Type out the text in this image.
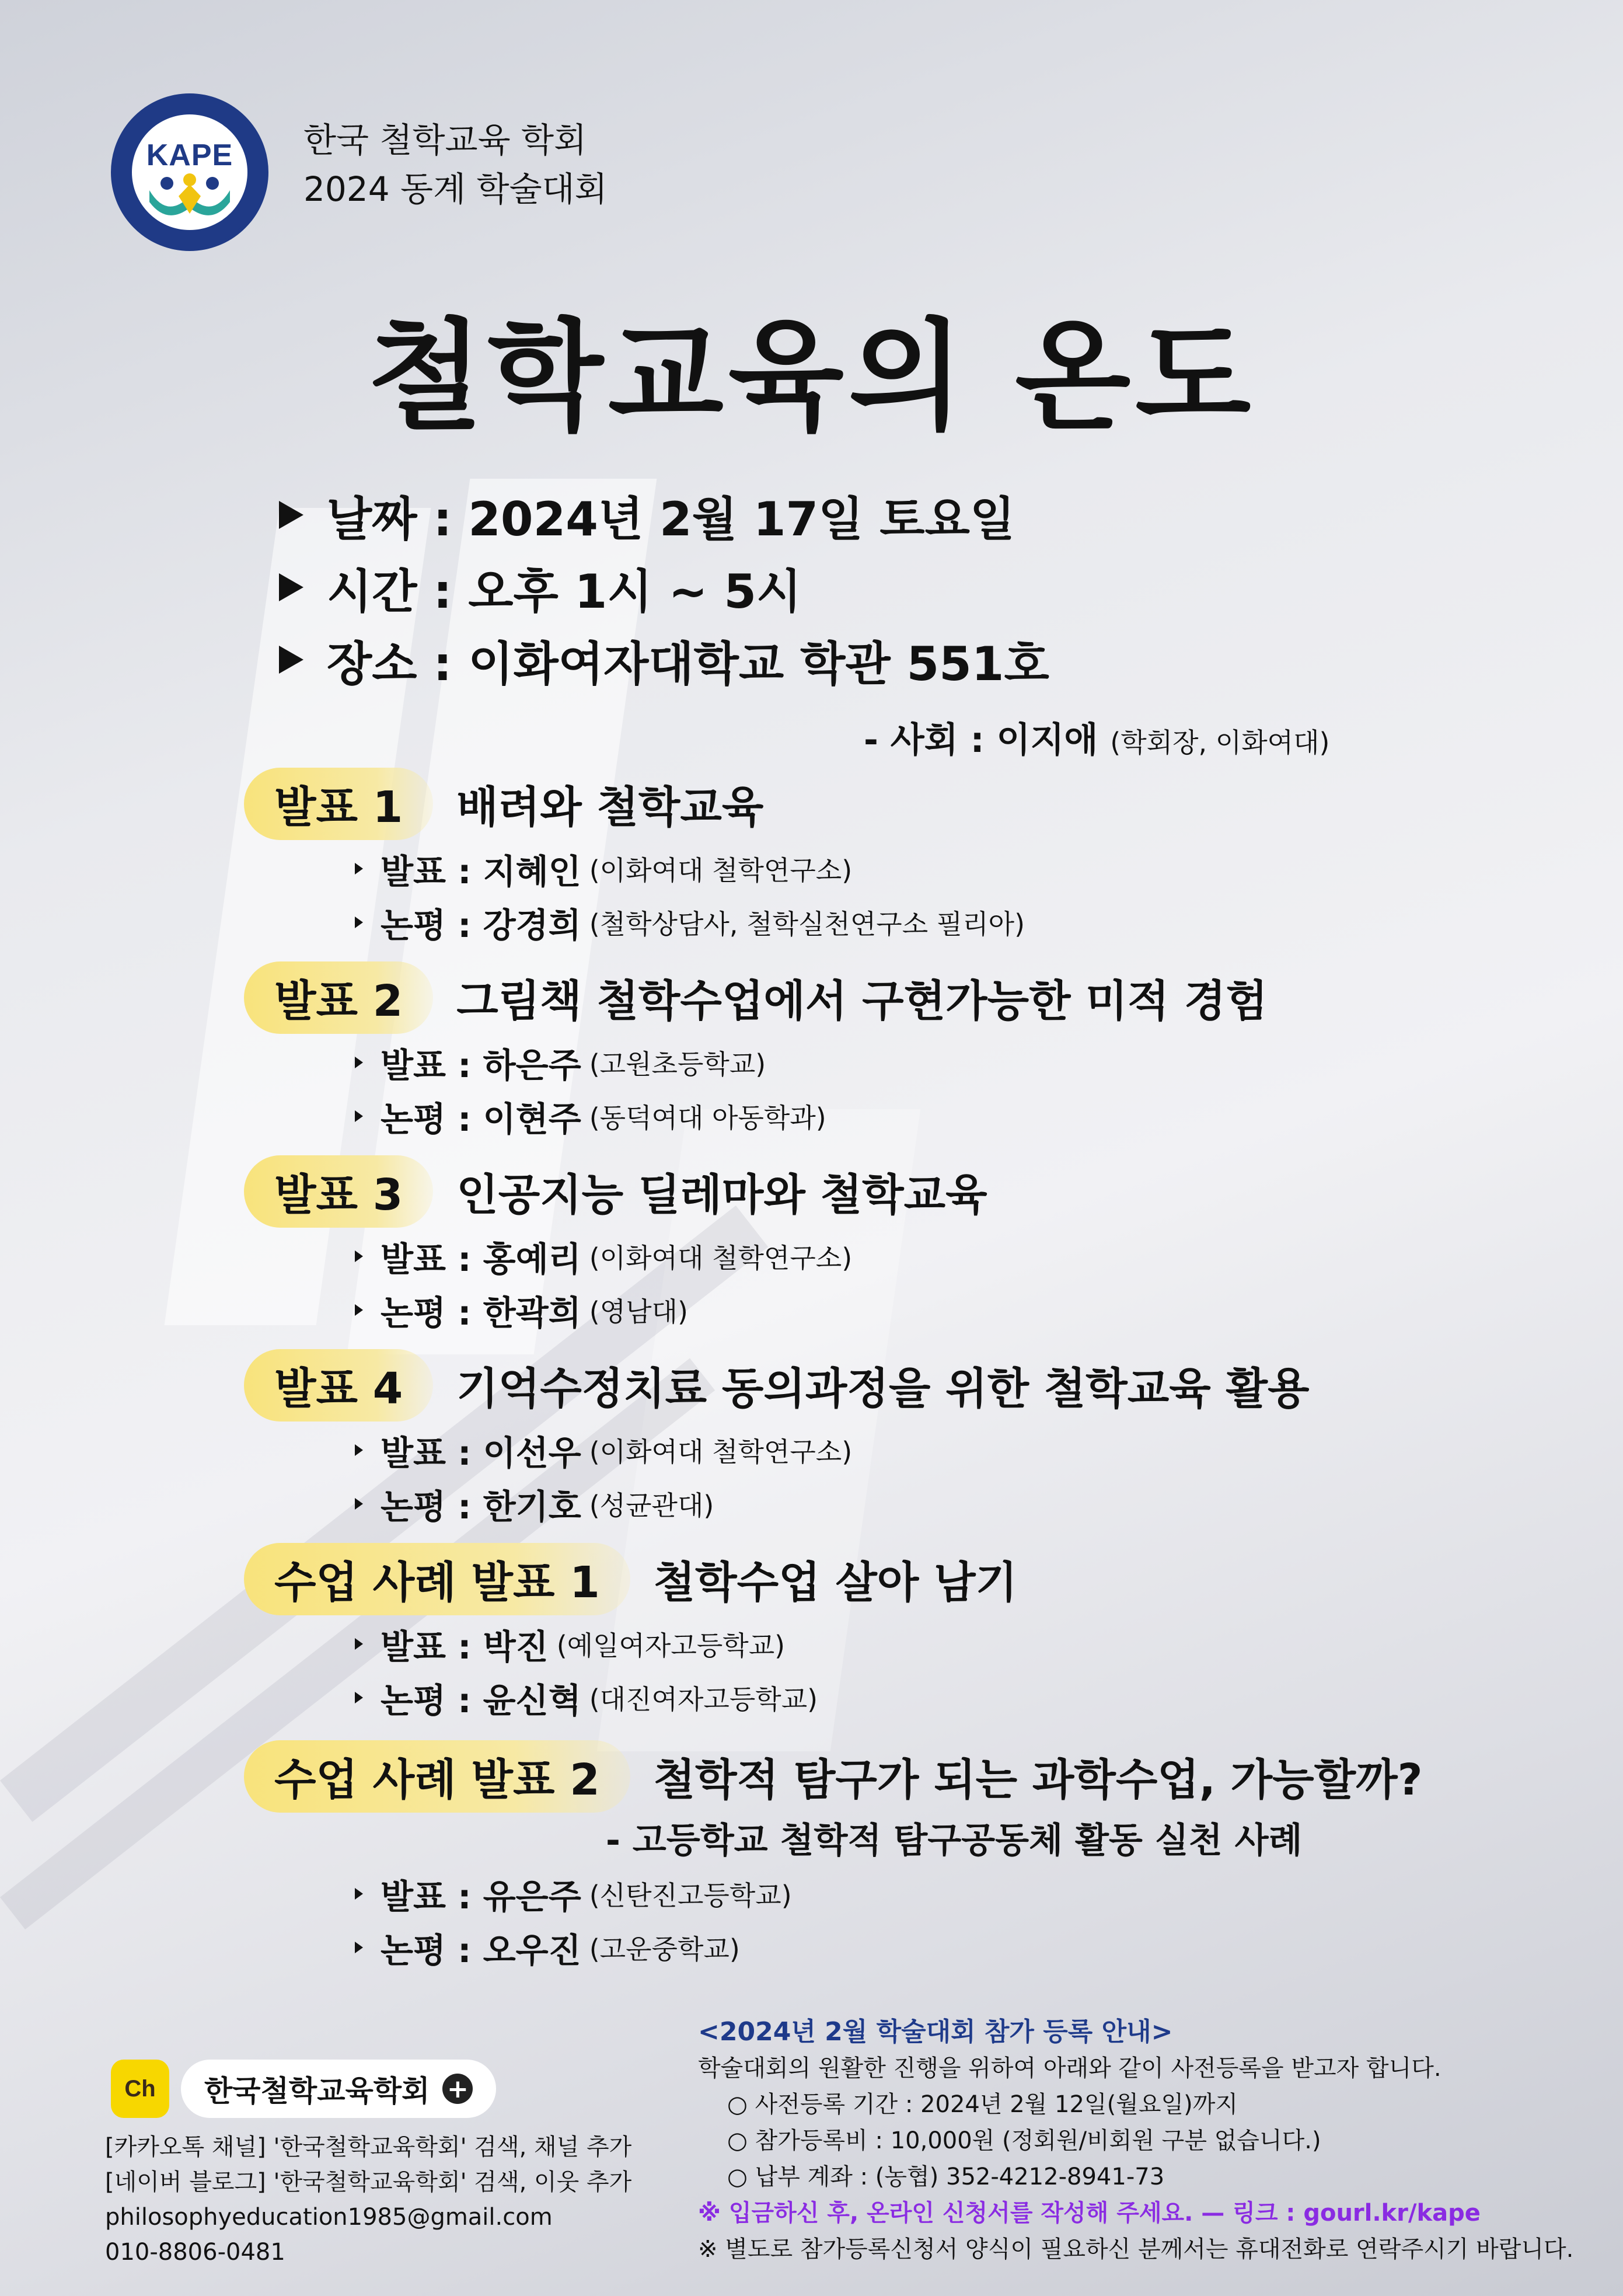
KAPE	한국 철학교육 학회
2024 동계 학술대회
철학교육의 온도
날짜 : 2024년 2월 17일 토요일
시간 : 오후 1시 ~ 5시
장소 : 이화여자대학교 학관 551호
- 사회 : 이지애 (학회장, 이화여대)
발표 1	배려와 철학교육
발표 : 지혜인 (이화여대 철학연구소)
논평 : 강경희 (철학상담사, 철학실천연구소 필리아)
발표 2	그림책 철학수업에서 구현가능한 미적 경험
발표 : 하은주 (고원초등학교)
논평 : 이현주 (동덕여대 아동학과)
발표 3	인공지능 딜레마와 철학교육
발표 : 홍예리 (이화여대 철학연구소)
논평 : 한곽희 (영남대)
발표 4	기억수정치료 동의과정을 위한 철학교육 활용
발표 : 이선우 (이화여대 철학연구소)
논평 : 한기호 (성균관대)
수업 사례 발표 1	철학수업 살아 남기
발표 : 박진 (예일여자고등학교)
논평 : 윤신혁 (대진여자고등학교)
수업 사례 발표 2	철학적 탐구가 되는 과학수업, 가능할까?
- 고등학교 철학적 탐구공동체 활동 실천 사례
발표 : 유은주 (신탄진고등학교)
논평 : 오우진 (고운중학교)
Ch	한국철학교육학회 +
[카카오톡 채널] '한국철학교육학회' 검색, 채널 추가
[네이버 블로그] '한국철학교육학회' 검색, 이웃 추가
philosophyeducation1985@gmail.com
010-8806-0481
<2024년 2월 학술대회 참가 등록 안내>
학술대회의 원활한 진행을 위하여 아래와 같이 사전등록을 받고자 합니다.
○ 사전등록 기간 : 2024년 2월 12일(월요일)까지
○ 참가등록비 : 10,000원 (정회원/비회원 구분 없습니다.)
○ 납부 계좌 : (농협) 352-4212-8941-73
※ 입금하신 후, 온라인 신청서를 작성해 주세요. — 링크 : gourl.kr/kape
※ 별도로 참가등록신청서 양식이 필요하신 분께서는 휴대전화로 연락주시기 바랍니다.
